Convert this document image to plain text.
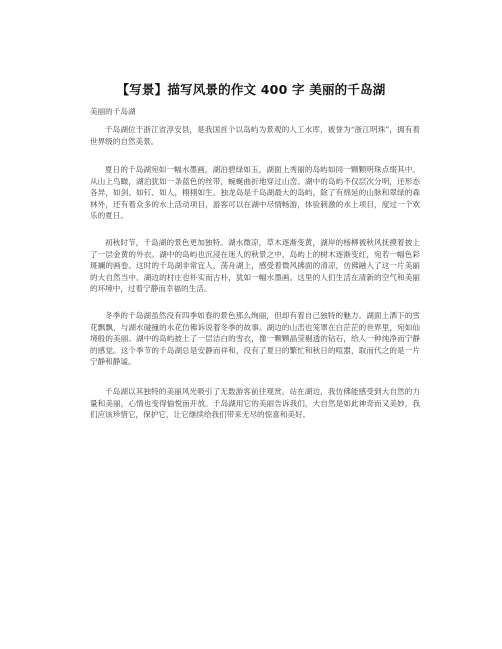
【写景】描写风景的作文 400 字 美丽的千岛湖
美丽的千岛湖

千岛湖位于浙江省淳安县，是我国首个以岛屿为景观的人工水库，被誉为“浙江明珠”，拥有着世界级的自然美景。

夏日的千岛湖宛如一幅水墨画，湖泊碧绿如玉，湖面上秀丽的岛屿如同一颗颗明珠点缀其中。从山上鸟瞰，湖泊犹如一条蓝色的丝带，蜿蜒曲折地穿过山峦。湖中的岛屿不仅层次分明，还形态各异，如剑、如钉、如人，栩栩如生。独龙岛是千岛湖最大的岛屿，除了有绵延的山脉和翠绿的森林外，还有着众多的水上活动项目，游客可以在湖中尽情畅游，体验刺激的水上项目，度过一个欢乐的夏日。

初秋时节，千岛湖的景色更加独特。湖水微凉，草木逐渐变黄，湖岸的杨柳被秋风抚摸着披上了一层金黄的外衣。湖中的岛屿也沉浸在迷人的秋景之中，岛屿上的树木逐渐变红，宛若一幅色彩斑斓的画卷。这时的千岛湖非常宜人，荡舟湖上，感受着微风拂面的清凉，仿佛融入了这一片美丽的大自然当中。湖边的村庄也朴实而古朴，犹如一幅水墨画。这里的人们生活在清新的空气和美丽的环境中，过着宁静而幸福的生活。

冬季的千岛湖虽然没有四季如春的景色那么绚丽，但却有着自己独特的魅力。湖面上洒下的雪花飘飘，与湖水碰撞的水花仿佛诉说着冬季的故事。湖边的山峦也笼罩在白茫茫的世界里，宛如仙境般的美丽。湖中的岛屿披上了一层洁白的雪衣，像一颗颗晶莹剔透的钻石，给人一种纯净而宁静的感觉。这个季节的千岛湖总是安静而祥和，没有了夏日的繁忙和秋日的喧嚣，取而代之的是一片宁静和静谧。

千岛湖以其独特的美丽风光吸引了无数游客前往观赏。站在湖边，我仿佛能感受到大自然的力量和美丽，心情也变得愉悦而开放。千岛湖用它的美丽告诉我们，大自然是如此神奇而又美妙，我们应该珍惜它，保护它，让它继续给我们带来无尽的惊喜和美好。
